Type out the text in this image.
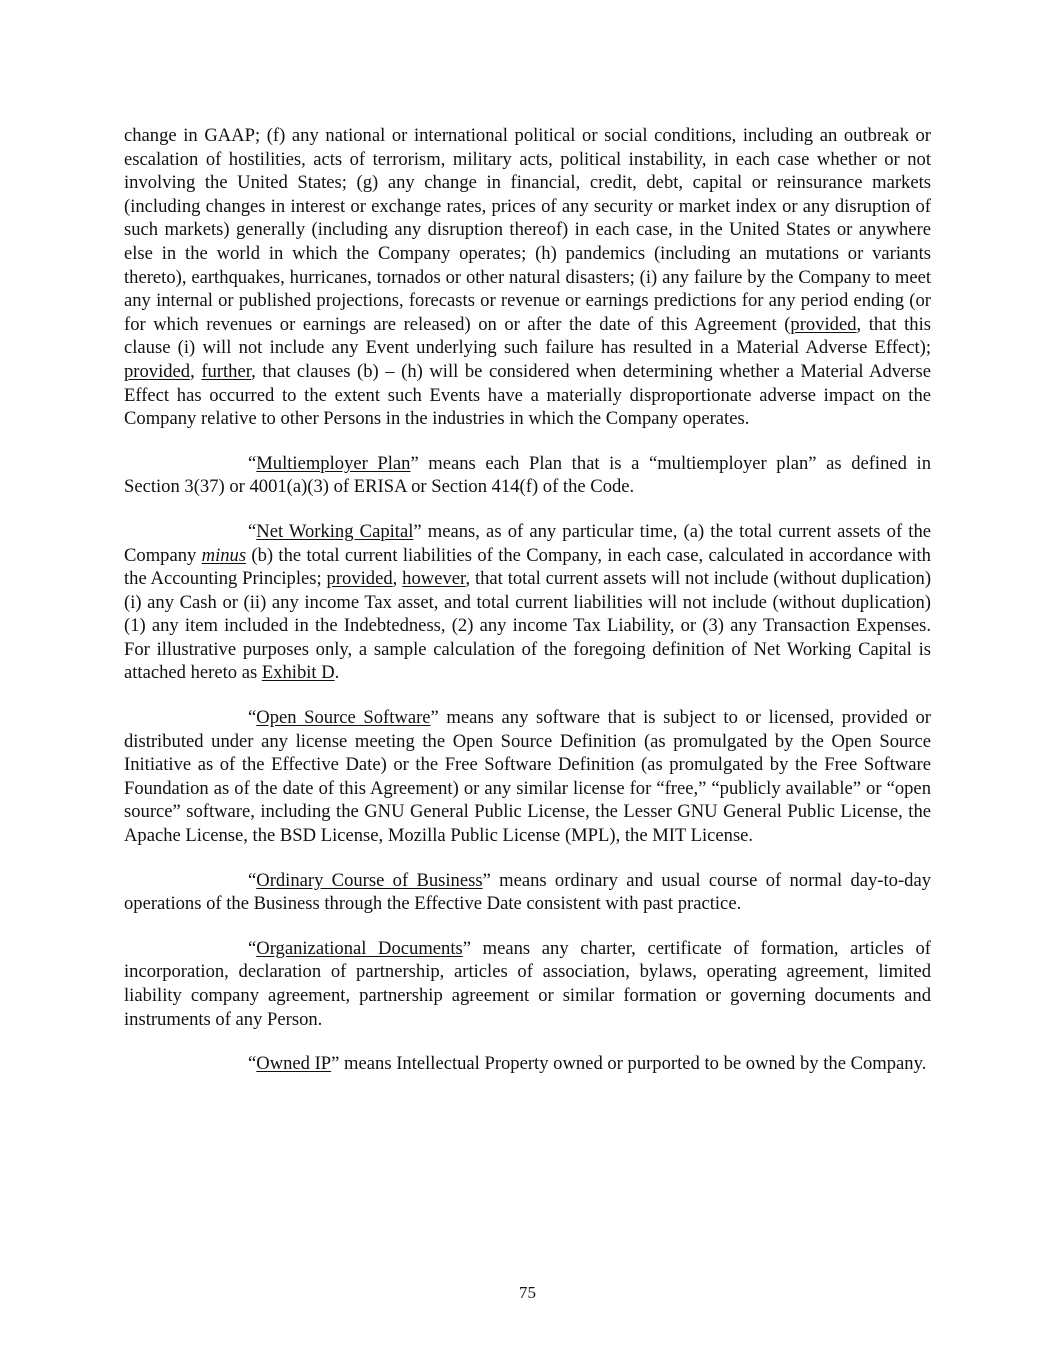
change in GAAP; (f) any national or international political or social conditions, including an outbreak or escalation of hostilities, acts of terrorism, military acts, political instability, in each case whether or not involving the United States; (g) any change in financial, credit, debt, capital or reinsurance markets (including changes in interest or exchange rates, prices of any security or market index or any disruption of such markets) generally (including any disruption thereof) in each case, in the United States or anywhere else in the world in which the Company operates; (h) pandemics (including an mutations or variants thereto), earthquakes, hurricanes, tornados or other natural disasters; (i) any failure by the Company to meet any internal or published projections, forecasts or revenue or earnings predictions for any period ending (or for which revenues or earnings are released) on or after the date of this Agreement (provided, that this clause (i) will not include any Event underlying such failure has resulted in a Material Adverse Effect); provided, further, that clauses (b) – (h) will be considered when determining whether a Material Adverse Effect has occurred to the extent such Events have a materially disproportionate adverse impact on the Company relative to other Persons in the industries in which the Company operates.

“Multiemployer Plan” means each Plan that is a “multiemployer plan” as defined in Section 3(37) or 4001(a)(3) of ERISA or Section 414(f) of the Code.

“Net Working Capital” means, as of any particular time, (a) the total current assets of the Company minus (b) the total current liabilities of the Company, in each case, calculated in accordance with the Accounting Principles; provided, however, that total current assets will not include (without duplication) (i) any Cash or (ii) any income Tax asset, and total current liabilities will not include (without duplication) (1) any item included in the Indebtedness, (2) any income Tax Liability, or (3) any Transaction Expenses. For illustrative purposes only, a sample calculation of the foregoing definition of Net Working Capital is attached hereto as Exhibit D.

“Open Source Software” means any software that is subject to or licensed, provided or distributed under any license meeting the Open Source Definition (as promulgated by the Open Source Initiative as of the Effective Date) or the Free Software Definition (as promulgated by the Free Software Foundation as of the date of this Agreement) or any similar license for “free,” “publicly available” or “open source” software, including the GNU General Public License, the Lesser GNU General Public License, the Apache License, the BSD License, Mozilla Public License (MPL), the MIT License.

“Ordinary Course of Business” means ordinary and usual course of normal day-to-day operations of the Business through the Effective Date consistent with past practice.

“Organizational Documents” means any charter, certificate of formation, articles of incorporation, declaration of partnership, articles of association, bylaws, operating agreement, limited liability company agreement, partnership agreement or similar formation or governing documents and instruments of any Person.

“Owned IP” means Intellectual Property owned or purported to be owned by the Company.

75
